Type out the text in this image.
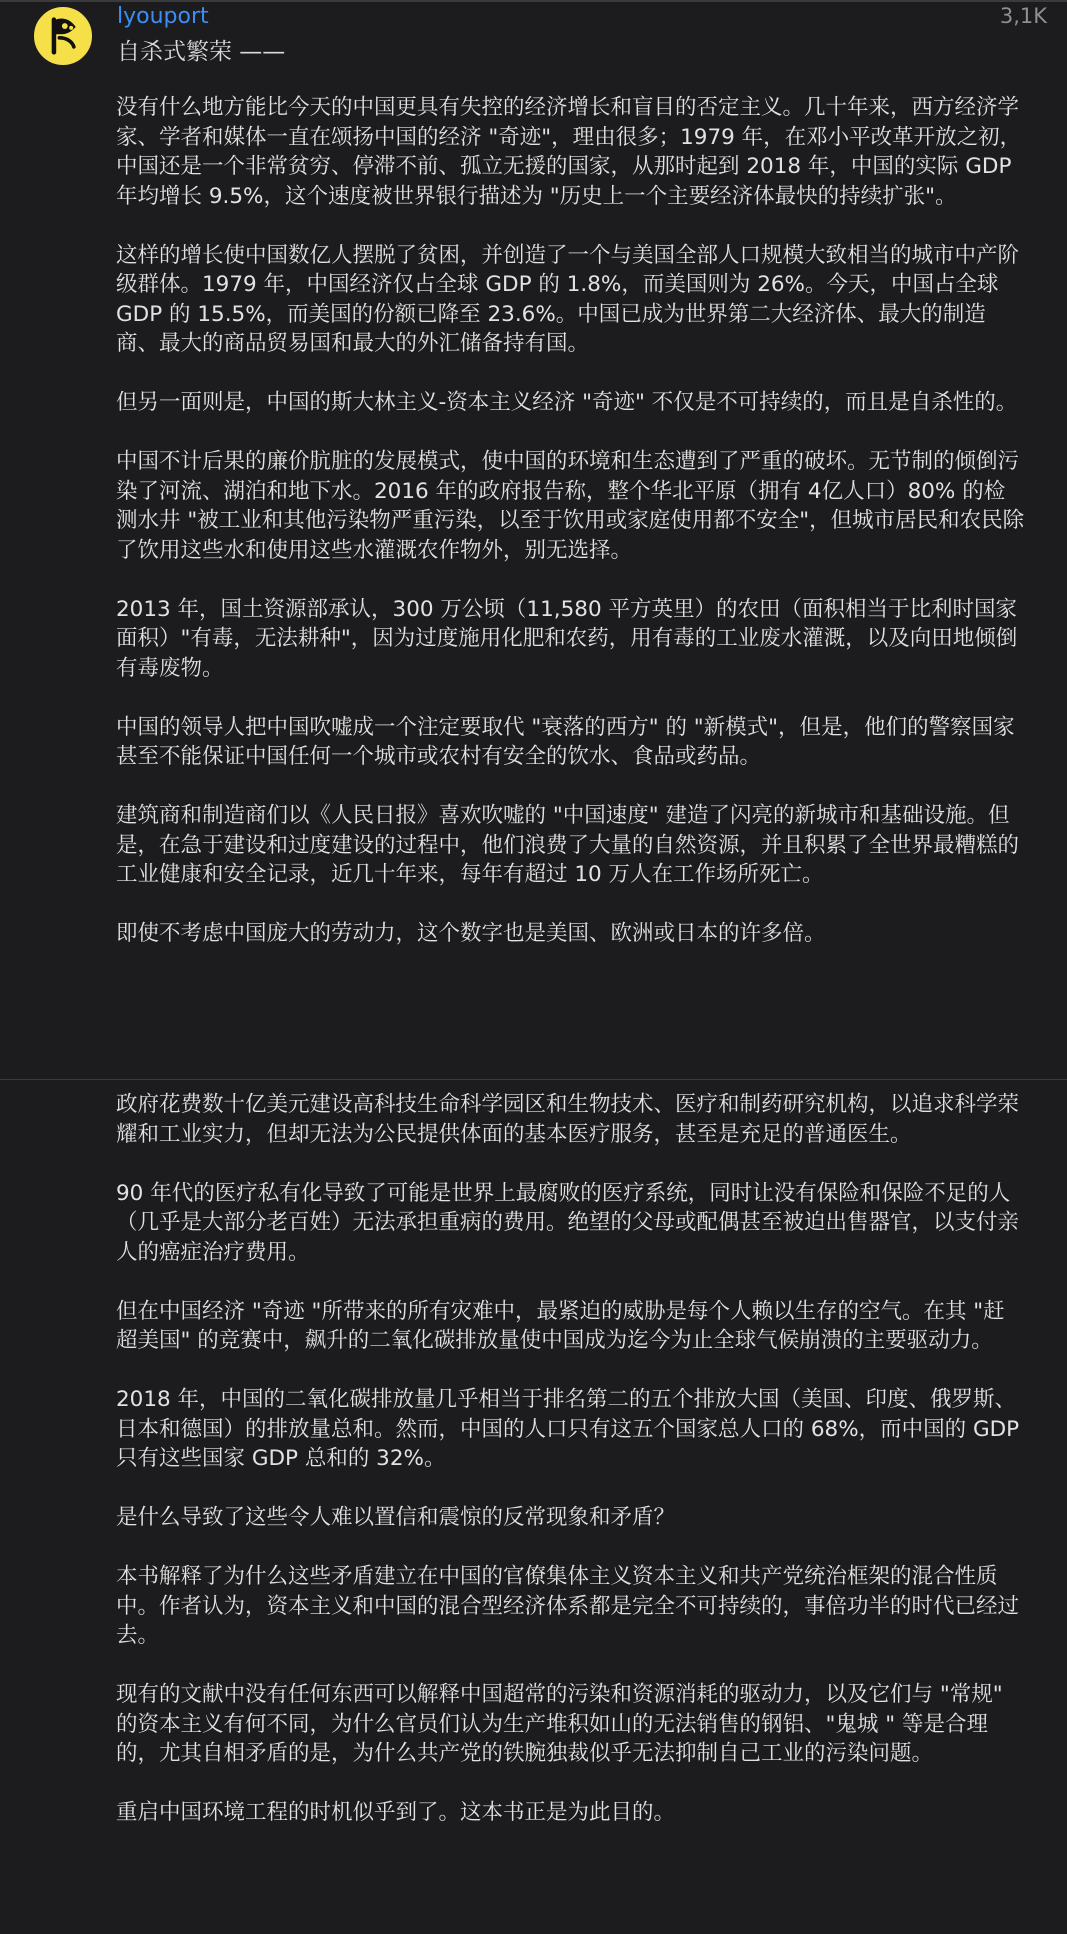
lyouport	3,1K
自杀式繁荣 ——

没有什么地方能比今天的中国更具有失控的经济增长和盲目的否定主义。几十年来，西方经济学家、学者和媒体一直在颂扬中国的经济 "奇迹"，理由很多；1979 年，在邓小平改革开放之初，中国还是一个非常贫穷、停滞不前、孤立无援的国家，从那时起到 2018 年，中国的实际 GDP 年均增长 9.5%，这个速度被世界银行描述为 "历史上一个主要经济体最快的持续扩张"。

这样的增长使中国数亿人摆脱了贫困，并创造了一个与美国全部人口规模大致相当的城市中产阶级群体。1979 年，中国经济仅占全球 GDP 的 1.8%，而美国则为 26%。今天，中国占全球 GDP 的 15.5%，而美国的份额已降至 23.6%。中国已成为世界第二大经济体、最大的制造商、最大的商品贸易国和最大的外汇储备持有国。

但另一面则是，中国的斯大林主义-资本主义经济 "奇迹" 不仅是不可持续的，而且是自杀性的。

中国不计后果的廉价肮脏的发展模式，使中国的环境和生态遭到了严重的破坏。无节制的倾倒污染了河流、湖泊和地下水。2016 年的政府报告称，整个华北平原（拥有 4亿人口）80% 的检测水井 "被工业和其他污染物严重污染，以至于饮用或家庭使用都不安全"，但城市居民和农民除了饮用这些水和使用这些水灌溉农作物外，别无选择。

2013 年，国土资源部承认，300 万公顷（11,580 平方英里）的农田（面积相当于比利时国家面积）"有毒，无法耕种"，因为过度施用化肥和农药，用有毒的工业废水灌溉，以及向田地倾倒有毒废物。

中国的领导人把中国吹嘘成一个注定要取代 "衰落的西方" 的 "新模式"，但是，他们的警察国家甚至不能保证中国任何一个城市或农村有安全的饮水、食品或药品。

建筑商和制造商们以《人民日报》喜欢吹嘘的 "中国速度" 建造了闪亮的新城市和基础设施。但是，在急于建设和过度建设的过程中，他们浪费了大量的自然资源，并且积累了全世界最糟糕的工业健康和安全记录，近几十年来，每年有超过 10 万人在工作场所死亡。

即使不考虑中国庞大的劳动力，这个数字也是美国、欧洲或日本的许多倍。

政府花费数十亿美元建设高科技生命科学园区和生物技术、医疗和制药研究机构，以追求科学荣耀和工业实力，但却无法为公民提供体面的基本医疗服务，甚至是充足的普通医生。

90 年代的医疗私有化导致了可能是世界上最腐败的医疗系统，同时让没有保险和保险不足的人（几乎是大部分老百姓）无法承担重病的费用。绝望的父母或配偶甚至被迫出售器官，以支付亲人的癌症治疗费用。

但在中国经济 "奇迹 "所带来的所有灾难中，最紧迫的威胁是每个人赖以生存的空气。在其 "赶超美国" 的竞赛中，飙升的二氧化碳排放量使中国成为迄今为止全球气候崩溃的主要驱动力。

2018 年，中国的二氧化碳排放量几乎相当于排名第二的五个排放大国（美国、印度、俄罗斯、日本和德国）的排放量总和。然而，中国的人口只有这五个国家总人口的 68%，而中国的 GDP 只有这些国家 GDP 总和的 32%。

是什么导致了这些令人难以置信和震惊的反常现象和矛盾？

本书解释了为什么这些矛盾建立在中国的官僚集体主义资本主义和共产党统治框架的混合性质中。作者认为，资本主义和中国的混合型经济体系都是完全不可持续的，事倍功半的时代已经过去。

现有的文献中没有任何东西可以解释中国超常的污染和资源消耗的驱动力，以及它们与 "常规" 的资本主义有何不同，为什么官员们认为生产堆积如山的无法销售的钢铝、"鬼城 " 等是合理的，尤其自相矛盾的是，为什么共产党的铁腕独裁似乎无法抑制自己工业的污染问题。

重启中国环境工程的时机似乎到了。这本书正是为此目的。
